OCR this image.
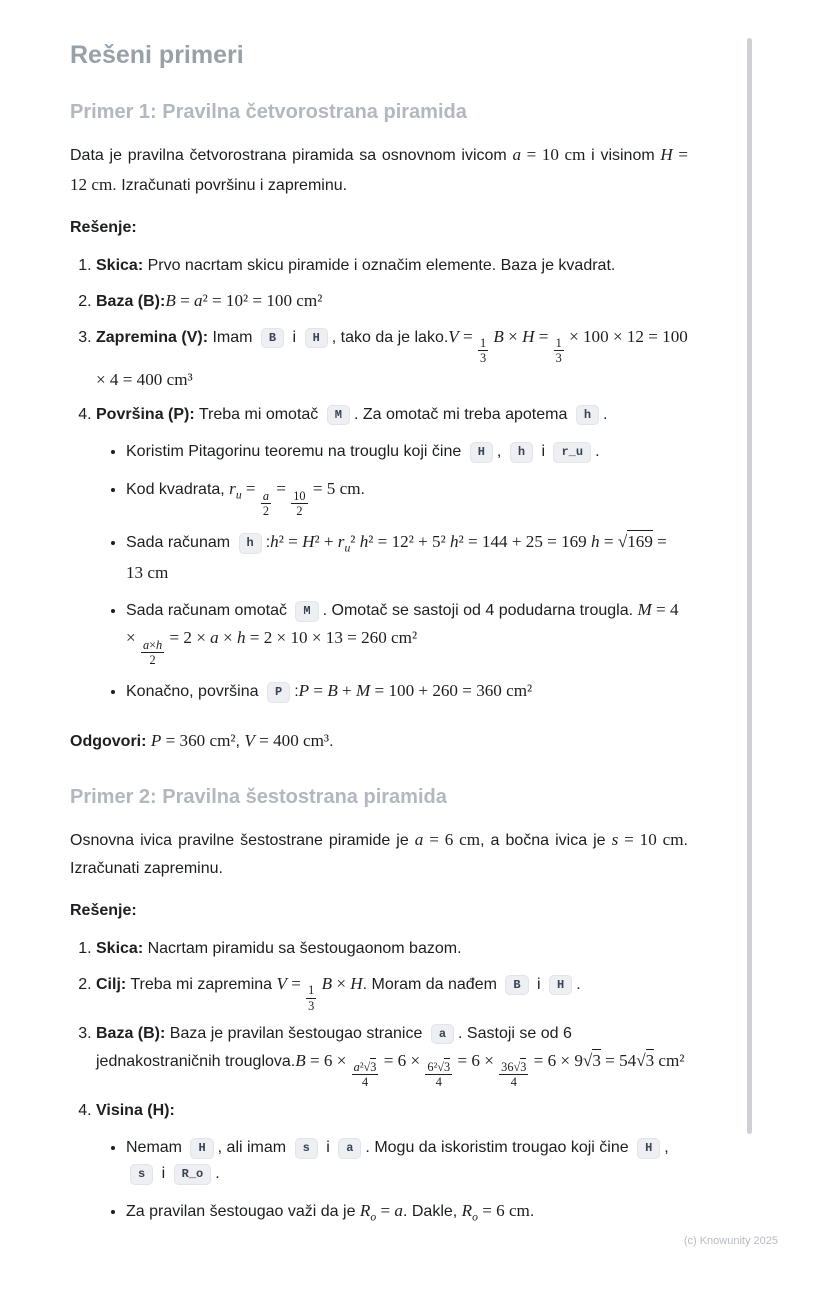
Rešeni primeri
Primer 1: Pravilna četvorostrana piramida

Data je pravilna četvorostrana piramida sa osnovnom ivicom a = 10 cm i visinom H = 12 cm. Izračunati površinu i zapreminu.

Rešenje:

1. Skica: Prvo nacrtam skicu piramide i označim elemente. Baza je kvadrat.
2. Baza (B):B = a² = 10² = 100 cm²
3. Zapremina (V): Imam B i H , tako da je lako.V =
$\frac{1}{3}$
B × H =
$\frac{1}{3}$
× 100 × 12 = 100 × 4 = 400 cm³
4. Površina (P): Treba mi omotač M . Za omotač mi treba apotema h .
• Koristim Pitagorinu teoremu na trouglu koji čine H , h i r_u .
• Kod kvadrata, $r_u$ =
$\frac{a}{2}$
=
$\frac{10}{2}$
= 5 cm.
• Sada računam h :h² = $H^2 + r_u^2$ h² = 12² + 5² h² = 144 + 25 = 169 h = √169 = 13 cm
• Sada računam omotač M . Omotač se sastoji od 4 podudarna trougla. M = 4 ×
$\frac{a\times h}{2}$
= 2 × a × h = 2 × 10 × 13 = 260 cm²
• Konačno, površina P :P = B + M = 100 + 260 = 360 cm²

Odgovori: P = 360 cm², V = 400 cm³.

Primer 2: Pravilna šestostrana piramida

Osnovna ivica pravilne šestostrane piramide je a = 6 cm, a bočna ivica je s = 10 cm. Izračunati zapreminu.

Rešenje:

1. Skica: Nacrtam piramidu sa šestougaonom bazom.
2. Cilj: Treba mi zapremina V =
$\frac{1}{3}$
B × H. Moram da nađem B i H .
3. Baza (B): Baza je pravilan šestougao stranice a . Sastoji se od 6 jednakostraničnih trouglova.B = 6 ×
$\frac{\text{a²√3}}{4}$
= 6 ×
$\frac{\text{6²√3}}{4}$
= 6 ×
$\frac{36√3}{4}$
= 6 × 9√3 = 54√3 cm²
4. Visina (H):
• Nemam H , ali imam s i a . Mogu da iskoristim trougao koji čine H , s i R_o .
• Za pravilan šestougao važi da je $R_o = a$. Dakle, $R_o = 6$ cm.
(c) Knowunity 2025
